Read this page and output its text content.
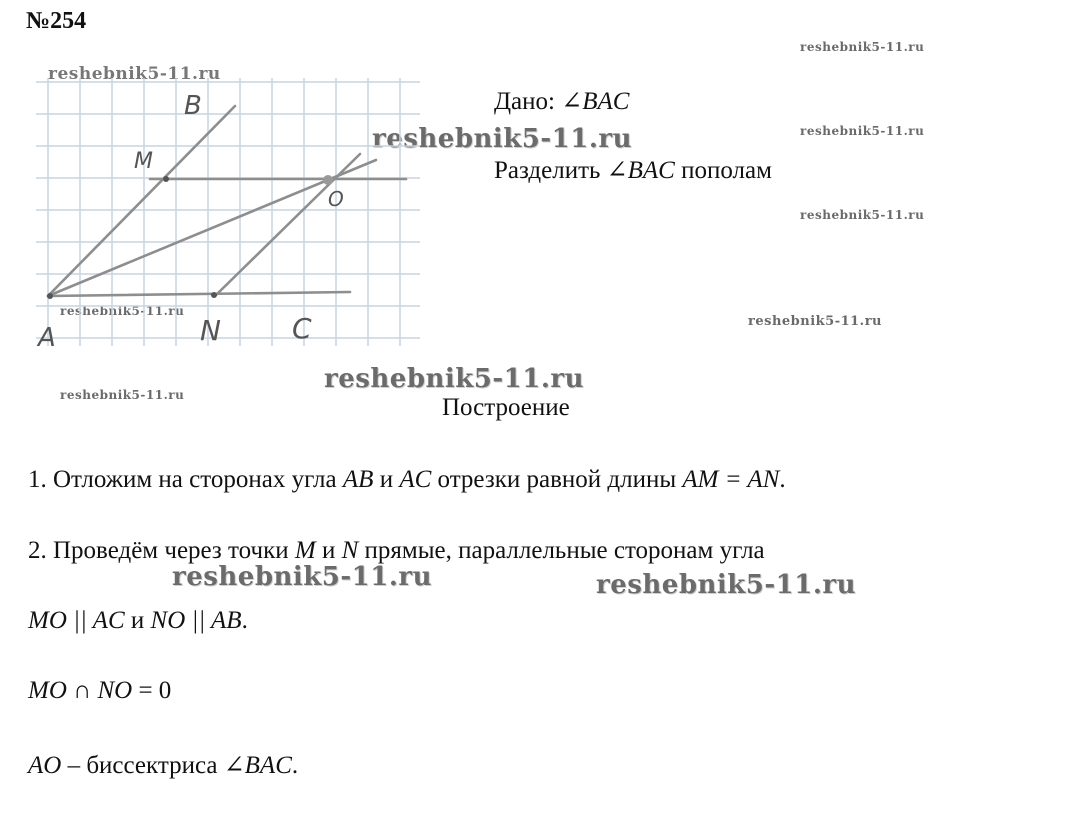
№254
reshebnik5-11.ru
reshebnik5-11.ru
reshebnik5-11.ru
reshebnik5-11.ru
reshebnik5-11.ru
reshebnik5-11.ru
reshebnik5-11.ru
reshebnik5-11.ru
reshebnik5-11.ru
reshebnik5-11.ru	reshebnik5-11.ru
B
M
O
A	N	C
Дано: ∠BAC
Разделить ∠BAC пополам
Построение
1. Отложим на сторонах угла AB и AC отрезки равной длины AM = AN.
2. Проведём через точки M и N прямые, параллельные сторонам угла
MO || AC и NO || AB.
MO ∩ NO = 0
AO – биссектриса ∠BAC.
